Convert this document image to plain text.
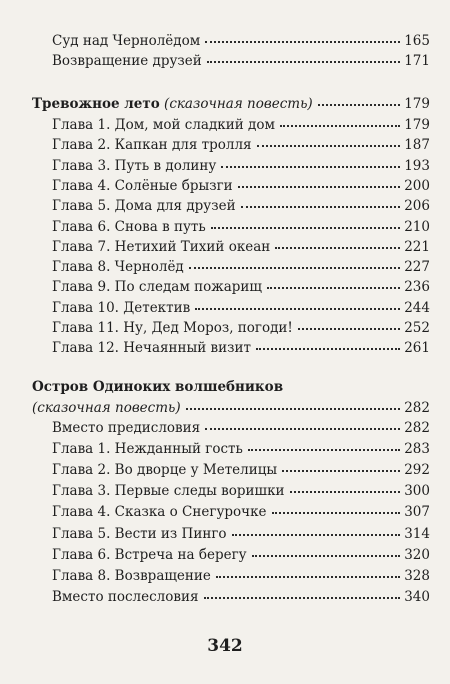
Суд над Чернолёдом	165
Возвращение друзей	171
Тревожное лето (сказочная повесть)	179
Глава 1. Дом, мой сладкий дом	179
Глава 2. Капкан для тролля	187
Глава 3. Путь в долину	193
Глава 4. Солёные брызги	200
Глава 5. Дома для друзей	206
Глава 6. Снова в путь	210
Глава 7. Нетихий Тихий океан	221
Глава 8. Чернолёд	227
Глава 9. По следам пожарищ	236
Глава 10. Детектив	244
Глава 11. Ну, Дед Мороз, погоди!	252
Глава 12. Нечаянный визит	261
Остров Одиноких волшебников
(сказочная повесть)	282
Вместо предисловия	282
Глава 1. Нежданный гость	283
Глава 2. Во дворце у Метелицы	292
Глава 3. Первые следы воришки	300
Глава 4. Сказка о Снегурочке	307
Глава 5. Вести из Пинго	314
Глава 6. Встреча на берегу	320
Глава 8. Возвращение	328
Вместо послесловия	340
342
